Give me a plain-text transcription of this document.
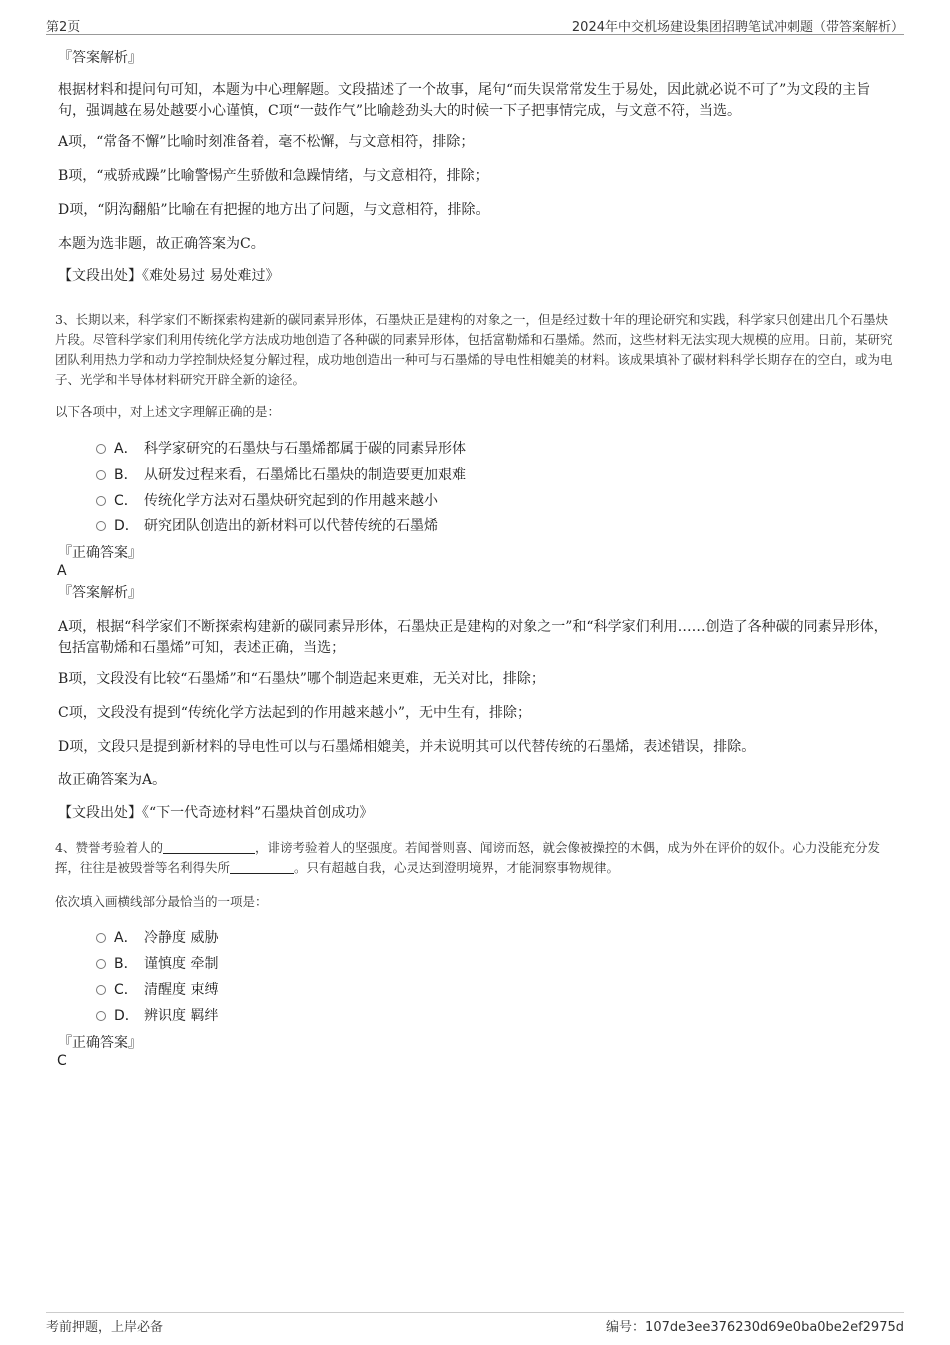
第2页	2024年中交机场建设集团招聘笔试冲刺题（带答案解析）
『答案解析』
根据材料和提问句可知，本题为中心理解题。文段描述了一个故事，尾句“而失误常常发生于易处，因此就必说不可了”为文段的主旨句，强调越在易处越要小心谨慎，C项“一鼓作气”比喻趁劲头大的时候一下子把事情完成，与文意不符，当选。
A项，“常备不懈”比喻时刻准备着，毫不松懈，与文意相符，排除；
B项，“戒骄戒躁”比喻警惕产生骄傲和急躁情绪，与文意相符，排除；
D项，“阴沟翻船”比喻在有把握的地方出了问题，与文意相符，排除。
本题为选非题，故正确答案为C。
【文段出处】《难处易过 易处难过》
3、长期以来，科学家们不断探索构建新的碳同素异形体，石墨炔正是建构的对象之一，但是经过数十年的理论研究和实践，科学家只创建出几个石墨炔片段。尽管科学家们利用传统化学方法成功地创造了各种碳的同素异形体，包括富勒烯和石墨烯。然而，这些材料无法实现大规模的应用。日前，某研究团队利用热力学和动力学控制炔烃复分解过程，成功地创造出一种可与石墨烯的导电性相媲美的材料。该成果填补了碳材料科学长期存在的空白，或为电子、光学和半导体材料研究开辟全新的途径。
以下各项中，对上述文字理解正确的是：
A． 科学家研究的石墨炔与石墨烯都属于碳的同素异形体
B． 从研发过程来看，石墨烯比石墨炔的制造要更加艰难
C． 传统化学方法对石墨炔研究起到的作用越来越小
D． 研究团队创造出的新材料可以代替传统的石墨烯
『正确答案』
A
『答案解析』
A项，根据“科学家们不断探索构建新的碳同素异形体，石墨炔正是建构的对象之一”和“科学家们利用……创造了各种碳的同素异形体，包括富勒烯和石墨烯”可知，表述正确，当选；
B项，文段没有比较“石墨烯”和“石墨炔”哪个制造起来更难，无关对比，排除；
C项，文段没有提到“传统化学方法起到的作用越来越小”，无中生有，排除；
D项，文段只是提到新材料的导电性可以与石墨烯相媲美，并未说明其可以代替传统的石墨烯，表述错误，排除。
故正确答案为A。
【文段出处】《“下一代奇迹材料”石墨炔首创成功》
4、赞誉考验着人的	，诽谤考验着人的坚强度。若闻誉则喜、闻谤而怒，就会像被操控的木偶，成为外在评价的奴仆。心力没能充分发挥，往往是被毁誉等名利得失所	。只有超越自我，心灵达到澄明境界，才能洞察事物规律。
依次填入画横线部分最恰当的一项是：
A． 冷静度 威胁
B． 谨慎度 牵制
C． 清醒度 束缚
D． 辨识度 羁绊
『正确答案』
C
考前押题，上岸必备	编号：107de3ee376230d69e0ba0be2ef2975d
